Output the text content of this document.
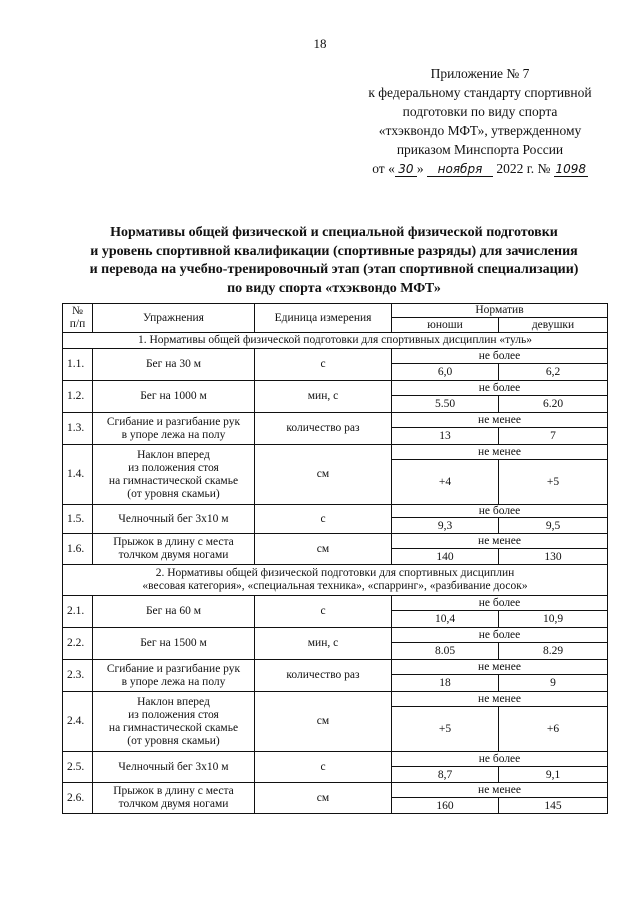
18
Приложение № 7
к федеральному стандарту спортивной
подготовки по виду спорта
«тхэквондо МФТ», утвержденному
приказом Минспорта России
от « 30 » ноября 2022 г. № 1098
Нормативы общей физической и специальной физической подготовки
и уровень спортивной квалификации (спортивные разряды) для зачисления
и перевода на учебно-тренировочный этап (этап спортивной специализации)
по виду спорта «тхэквондо МФТ»
№
п/п	Упражнения	Единица измерения	Норматив	
			юноши	девушки
1. Нормативы общей физической подготовки для спортивных дисциплин «туль»				
1.1.	Бег на 30 м	с	не более	
			6,0	6,2
1.2.	Бег на 1000 м	мин, с	не более	
			5.50	6.20
1.3.	Сгибание и разгибание рук
в упоре лежа на полу	количество раз	не менее	
			13	7
1.4.	Наклон вперед
из положения стоя
на гимнастической скамье
(от уровня скамьи)	см	не менее	
			+4	+5
1.5.	Челночный бег 3х10 м	с	не более	
			9,3	9,5
1.6.	Прыжок в длину с места
толчком двумя ногами	см	не менее	
			140	130

2. Нормативы общей физической подготовки для спортивных дисциплин
«весовая категория», «специальная техника», «спарринг», «разбивание досок»				

2.1.	Бег на 60 м	с	не более	
			10,4	10,9
2.2.	Бег на 1500 м	мин, с	не более	
			8.05	8.29
2.3.	Сгибание и разгибание рук
в упоре лежа на полу	количество раз	не менее	
			18	9
2.4.	Наклон вперед
из положения стоя
на гимнастической скамье
(от уровня скамьи)	см	не менее	
			+5	+6
2.5.	Челночный бег 3х10 м	с	не более	
			8,7	9,1
2.6.	Прыжок в длину с места
толчком двумя ногами	см	не менее	
			160	145
